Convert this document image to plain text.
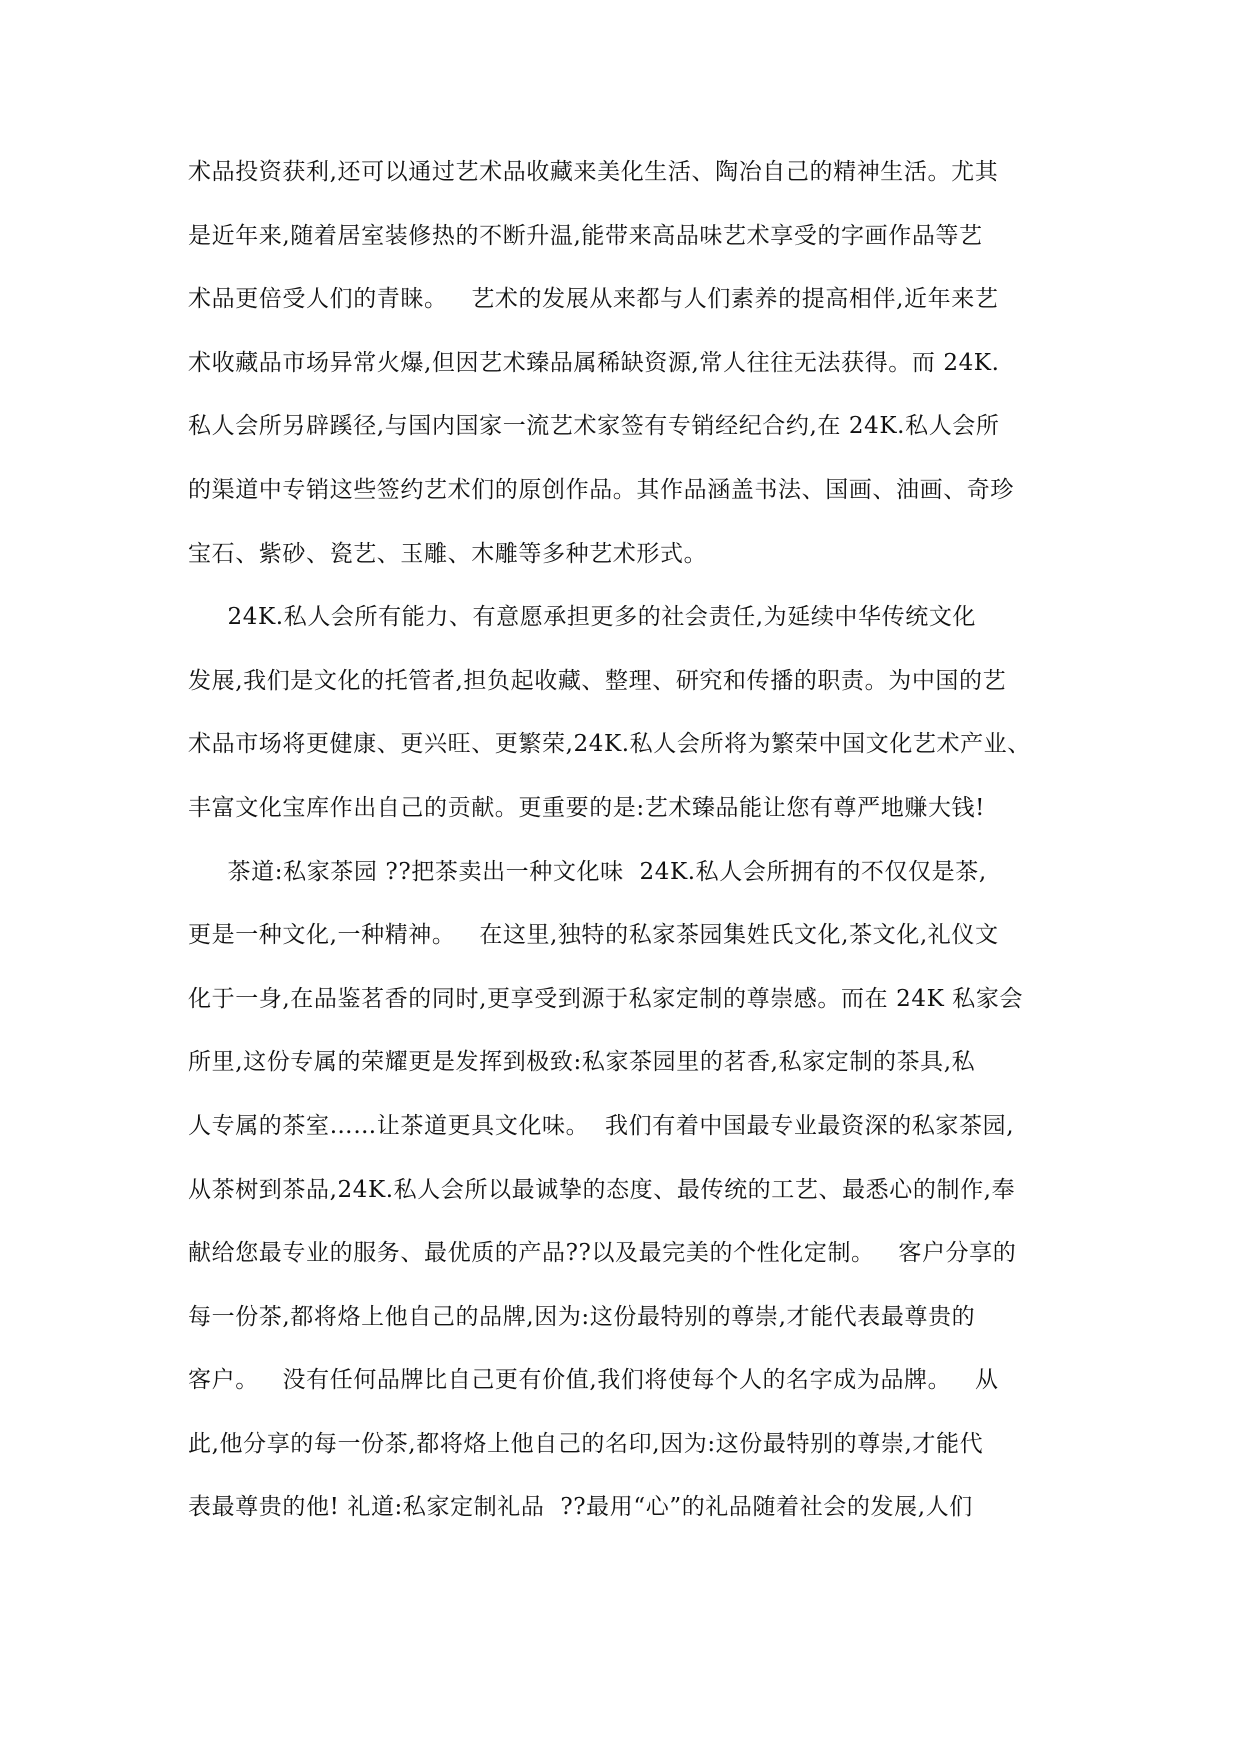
术品投资获利,还可以通过艺术品收藏来美化生活、陶冶自己的精神生活。尤其
是近年来,随着居室装修热的不断升温,能带来高品味艺术享受的字画作品等艺
术品更倍受人们的青睐。   艺术的发展从来都与人们素养的提高相伴,近年来艺
术收藏品市场异常火爆,但因艺术臻品属稀缺资源,常人往往无法获得。而 24K.
私人会所另辟蹊径,与国内国家一流艺术家签有专销经纪合约,在 24K.私人会所
的渠道中专销这些签约艺术们的原创作品。其作品涵盖书法、国画、油画、奇珍
宝石、紫砂、瓷艺、玉雕、木雕等多种艺术形式。
24K.私人会所有能力、有意愿承担更多的社会责任,为延续中华传统文化
发展,我们是文化的托管者,担负起收藏、整理、研究和传播的职责。为中国的艺
术品市场将更健康、更兴旺、更繁荣,24K.私人会所将为繁荣中国文化艺术产业、
丰富文化宝库作出自己的贡献。更重要的是:艺术臻品能让您有尊严地赚大钱!
茶道:私家茶园 ??把茶卖出一种文化味  24K.私人会所拥有的不仅仅是茶,
更是一种文化,一种精神。   在这里,独特的私家茶园集姓氏文化,茶文化,礼仪文
化于一身,在品鉴茗香的同时,更享受到源于私家定制的尊崇感。而在 24K 私家会
所里,这份专属的荣耀更是发挥到极致:私家茶园里的茗香,私家定制的茶具,私
人专属的茶室……让茶道更具文化味。  我们有着中国最专业最资深的私家茶园,
从茶树到茶品,24K.私人会所以最诚挚的态度、最传统的工艺、最悉心的制作,奉
献给您最专业的服务、最优质的产品??以及最完美的个性化定制。   客户分享的
每一份茶,都将烙上他自己的品牌,因为:这份最特别的尊崇,才能代表最尊贵的
客户。   没有任何品牌比自己更有价值,我们将使每个人的名字成为品牌。   从
此,他分享的每一份茶,都将烙上他自己的名印,因为:这份最特别的尊崇,才能代
表最尊贵的他! 礼道:私家定制礼品  ??最用“心”的礼品随着社会的发展,人们
